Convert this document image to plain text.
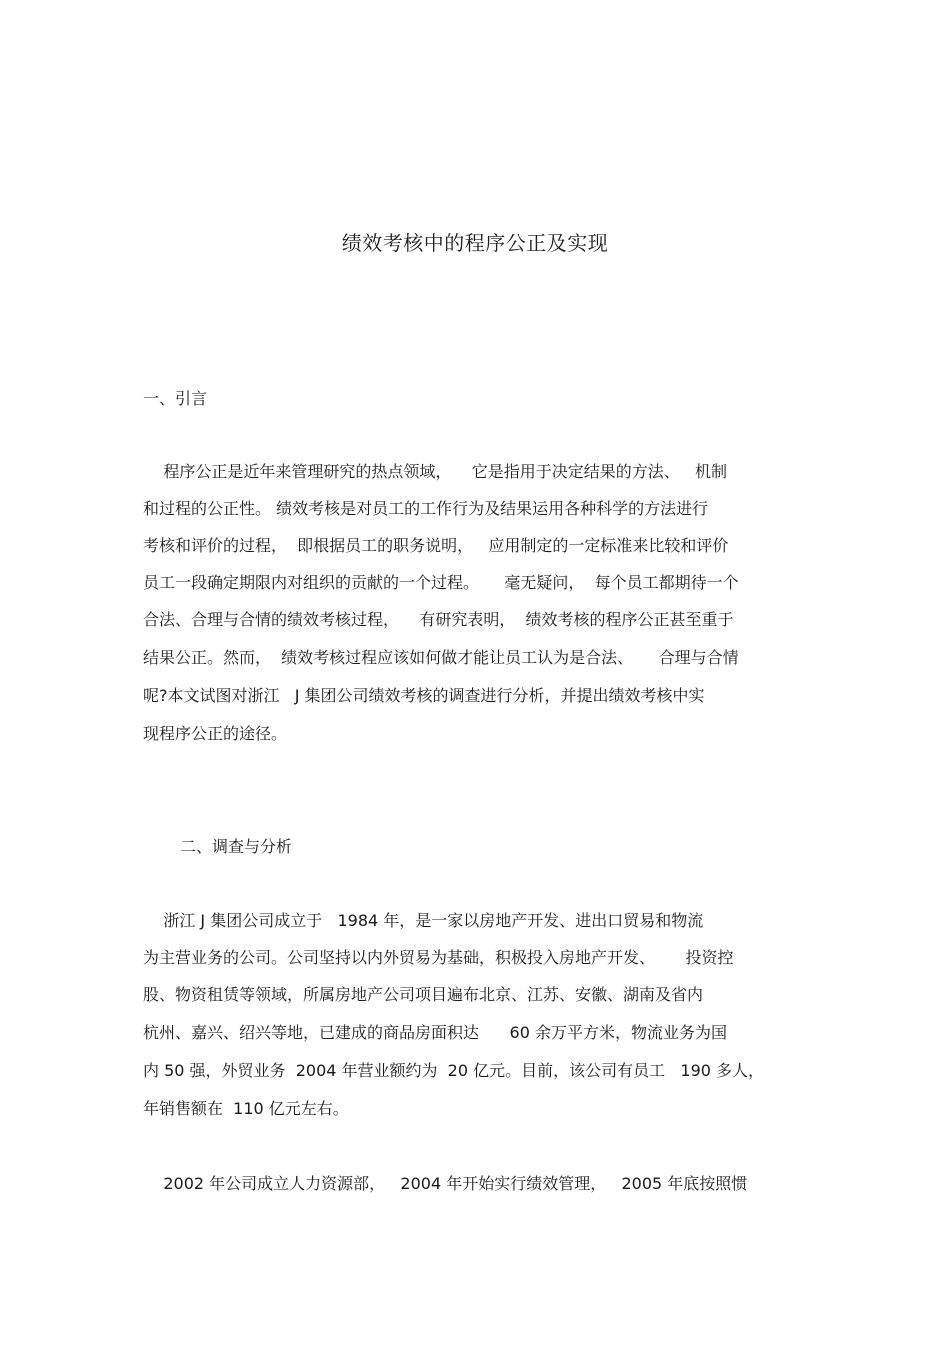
绩效考核中的程序公正及实现
一、引言
程序公正是近年来管理研究的热点领域，    它是指用于决定结果的方法、   机制
和过程的公正性。 绩效考核是对员工的工作行为及结果运用各种科学的方法进行
考核和评价的过程，  即根据员工的职务说明，   应用制定的一定标准来比较和评价
员工一段确定期限内对组织的贡献的一个过程。     毫无疑问，  每个员工都期待一个
合法、合理与合情的绩效考核过程，    有研究表明，  绩效考核的程序公正甚至重于
结果公正。然而，  绩效考核过程应该如何做才能让员工认为是合法、     合理与合情
呢?本文试图对浙江   J 集团公司绩效考核的调查进行分析，并提出绩效考核中实
现程序公正的途径。
二、调查与分析
浙江 J 集团公司成立于   1984 年，是一家以房地产开发、进出口贸易和物流
为主营业务的公司。公司坚持以内外贸易为基础，积极投入房地产开发、      投资控
股、物资租赁等领域，所属房地产公司项目遍布北京、江苏、安徽、湖南及省内
杭州、嘉兴、绍兴等地，已建成的商品房面积达      60 余万平方米，物流业务为国
内 50 强，外贸业务  2004 年营业额约为  20 亿元。目前，该公司有员工   190 多人，
年销售额在  110 亿元左右。
2002 年公司成立人力资源部，   2004 年开始实行绩效管理，   2005 年底按照惯
